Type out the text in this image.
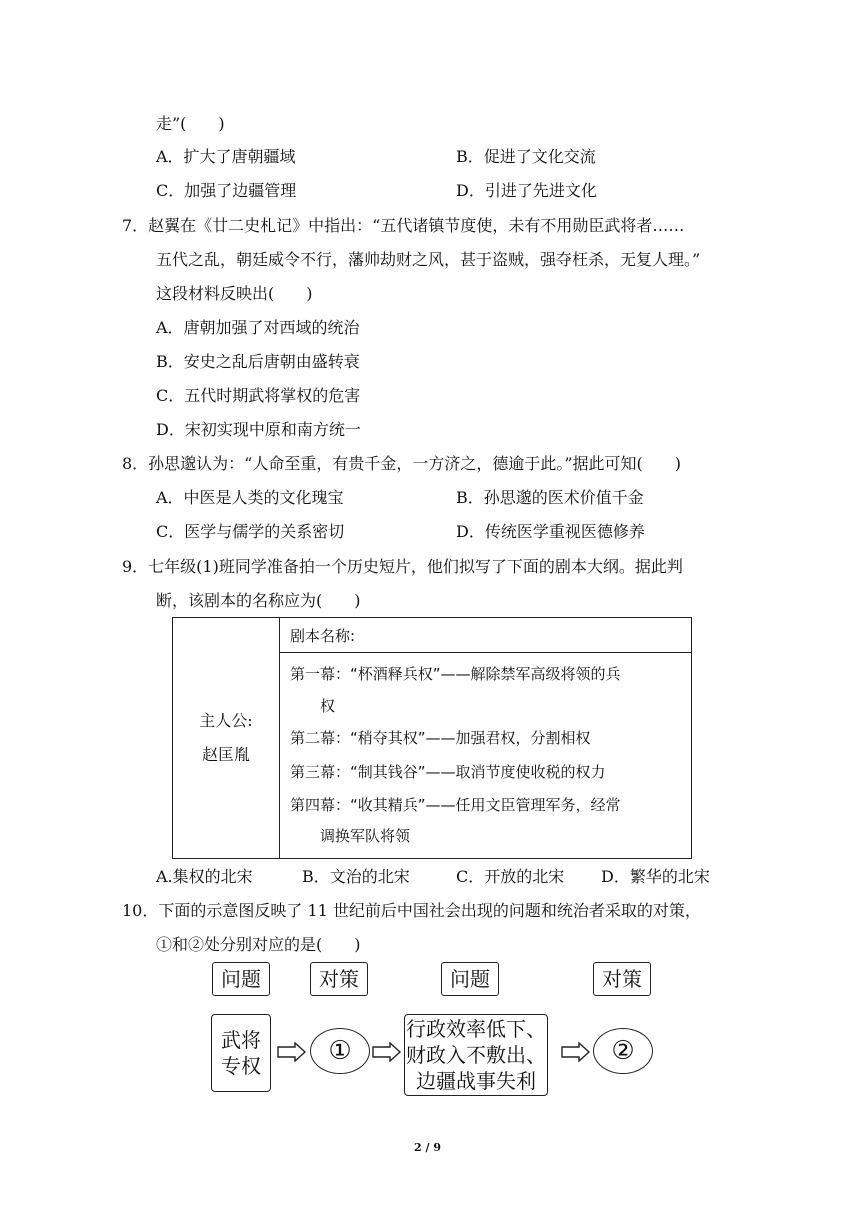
走”(　　)
A．扩大了唐朝疆域	B．促进了文化交流
C．加强了边疆管理	D．引进了先进文化
7．赵翼在《廿二史札记》中指出：“五代诸镇节度使，未有不用勋臣武将者……
五代之乱，朝廷威令不行，藩帅劫财之风，甚于盗贼，强夺枉杀，无复人理。”
这段材料反映出(　　)
A．唐朝加强了对西域的统治
B．安史之乱后唐朝由盛转衰
C．五代时期武将掌权的危害
D．宋初实现中原和南方统一
8．孙思邈认为：“人命至重，有贵千金，一方济之，德逾于此。”据此可知(　　)
A．中医是人类的文化瑰宝	B．孙思邈的医术价值千金
C．医学与儒学的关系密切	D．传统医学重视医德修养
9．七年级(1)班同学准备拍一个历史短片，他们拟写了下面的剧本大纲。据此判
断，该剧本的名称应为(　　)
主人公:
赵匡胤
	剧本名称:

第一幕：“杯酒释兵权”——解除禁军高级将领的兵
权
第二幕：“稍夺其权”——加强君权，分割相权
第三幕：“制其钱谷”——取消节度使收税的权力
第四幕：“收其精兵”——任用文臣管理军务，经常
调换军队将领
A.集权的北宋	B．文治的北宋	C．开放的北宋 D．繁华的北宋
10．下面的示意图反映了 11 世纪前后中国社会出现的问题和统治者采取的对策，
①和②处分别对应的是(　　)
问题	对策	问题	对策
武将
专权	①
行政效率低下、
财政入不敷出、
边疆战事失利
②
2 / 9
